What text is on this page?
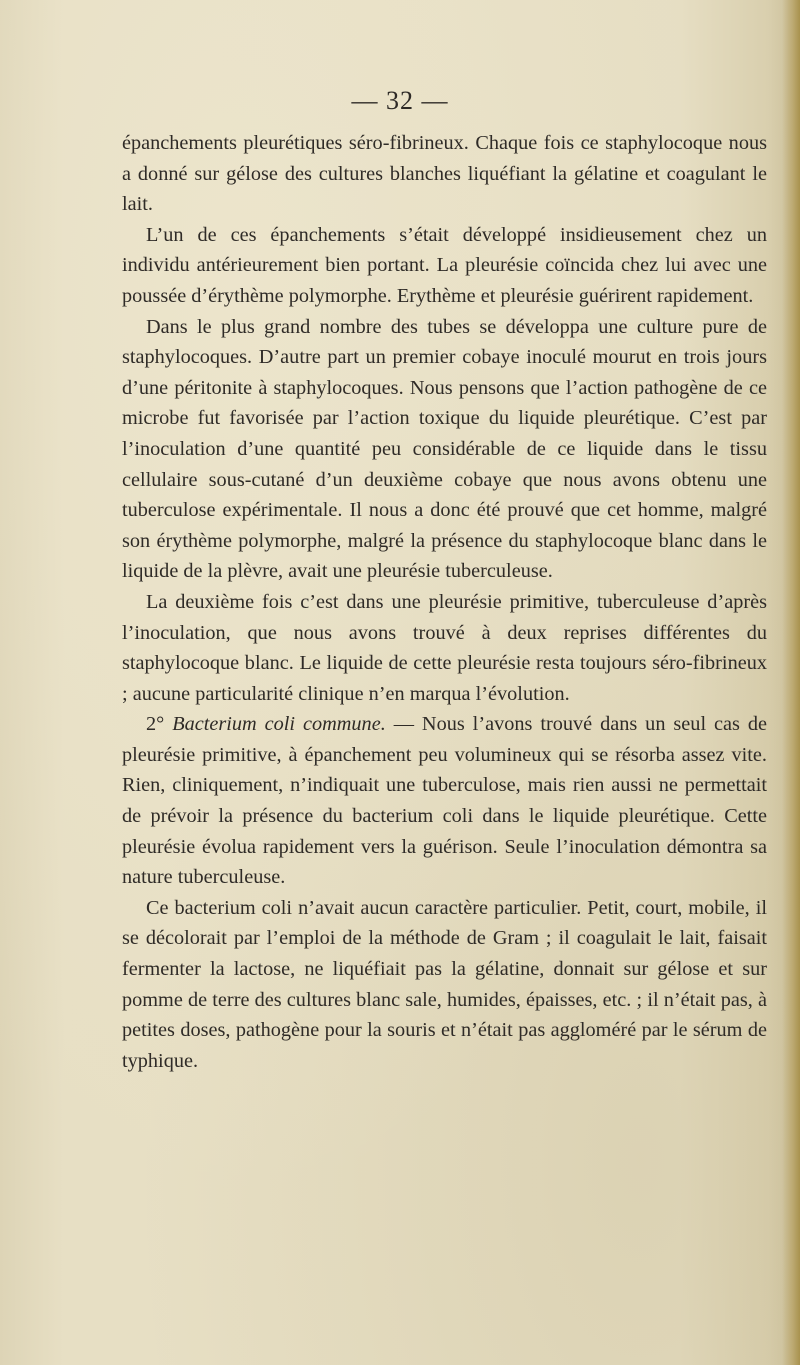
— 32 —

épanchements pleurétiques séro-fibrineux. Chaque fois ce staphylocoque nous a donné sur gélose des cultures blanches liquéfiant la gélatine et coagulant le lait.

L’un de ces épanchements s’était développé insidieusement chez un individu antérieurement bien portant. La pleurésie coïncida chez lui avec une poussée d’érythème polymorphe. Erythème et pleurésie guérirent rapidement.

Dans le plus grand nombre des tubes se développa une culture pure de staphylocoques. D’autre part un premier cobaye inoculé mourut en trois jours d’une péritonite à staphylocoques. Nous pensons que l’action pathogène de ce microbe fut favorisée par l’action toxique du liquide pleurétique. C’est par l’inoculation d’une quantité peu considérable de ce liquide dans le tissu cellulaire sous-cutané d’un deuxième cobaye que nous avons obtenu une tuberculose expérimentale. Il nous a donc été prouvé que cet homme, malgré son érythème polymorphe, malgré la présence du staphylocoque blanc dans le liquide de la plèvre, avait une pleurésie tuberculeuse.

La deuxième fois c’est dans une pleurésie primitive, tuberculeuse d’après l’inoculation, que nous avons trouvé à deux reprises différentes du staphylocoque blanc. Le liquide de cette pleurésie resta toujours séro-fibrineux ; aucune particularité clinique n’en marqua l’évolution.

2° Bacterium coli commune. — Nous l’avons trouvé dans un seul cas de pleurésie primitive, à épanchement peu volumineux qui se résorba assez vite. Rien, cliniquement, n’indiquait une tuberculose, mais rien aussi ne permettait de prévoir la présence du bacterium coli dans le liquide pleurétique. Cette pleurésie évolua rapidement vers la guérison. Seule l’inoculation démontra sa nature tuberculeuse.

Ce bacterium coli n’avait aucun caractère particulier. Petit, court, mobile, il se décolorait par l’emploi de la méthode de Gram ; il coagulait le lait, faisait fermenter la lactose, ne liquéfiait pas la gélatine, donnait sur gélose et sur pomme de terre des cultures blanc sale, humides, épaisses, etc. ; il n’était pas, à petites doses, pathogène pour la souris et n’était pas aggloméré par le sérum de typhique.
